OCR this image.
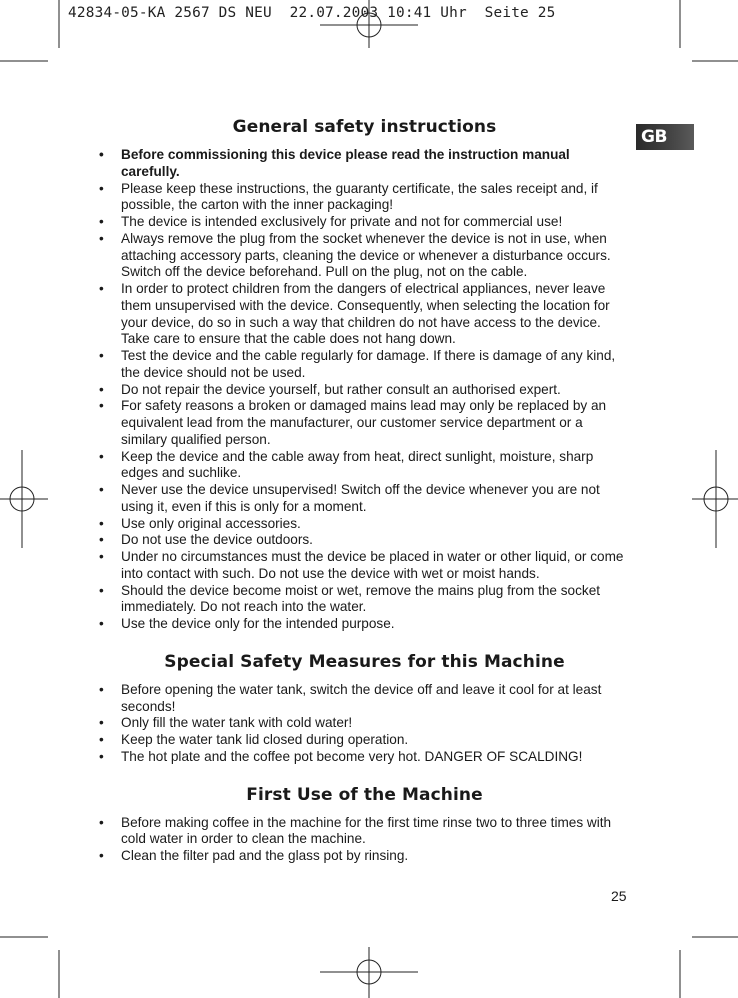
42834-05-KA 2567 DS NEU  22.07.2003 10:41 Uhr  Seite 25
GB
General safety instructions
• Before commissioning this device please read the instruction manual carefully.
• Please keep these instructions, the guaranty certificate, the sales receipt and, if possible, the carton with the inner packaging!
• The device is intended exclusively for private and not for commercial use!
• Always remove the plug from the socket whenever the device is not in use, when attaching accessory parts, cleaning the device or whenever a disturbance occurs. Switch off the device beforehand. Pull on the plug, not on the cable.
• In order to protect children from the dangers of electrical appliances, never leave them unsupervised with the device. Consequently, when selecting the location for your device, do so in such a way that children do not have access to the device. Take care to ensure that the cable does not hang down.
• Test the device and the cable regularly for damage. If there is damage of any kind, the device should not be used.
• Do not repair the device yourself, but rather consult an authorised expert.
• For safety reasons a broken or damaged mains lead may only be replaced by an equivalent lead from the manufacturer, our customer service department or a similary qualified person.
• Keep the device and the cable away from heat, direct sunlight, moisture, sharp edges and suchlike.
• Never use the device unsupervised! Switch off the device whenever you are not using it, even if this is only for a moment.
• Use only original accessories.
• Do not use the device outdoors.
• Under no circumstances must the device be placed in water or other liquid, or come into contact with such. Do not use the device with wet or moist hands.
• Should the device become moist or wet, remove the mains plug from the socket immediately. Do not reach into the water.
• Use the device only for the intended purpose.
Special Safety Measures for this Machine
• Before opening the water tank, switch the device off and leave it cool for at least seconds!
• Only fill the water tank with cold water!
• Keep the water tank lid closed during operation.
• The hot plate and the coffee pot become very hot. DANGER OF SCALDING!
First Use of the Machine
• Before making coffee in the machine for the first time rinse two to three times with cold water in order to clean the machine.
• Clean the filter pad and the glass pot by rinsing.
25
